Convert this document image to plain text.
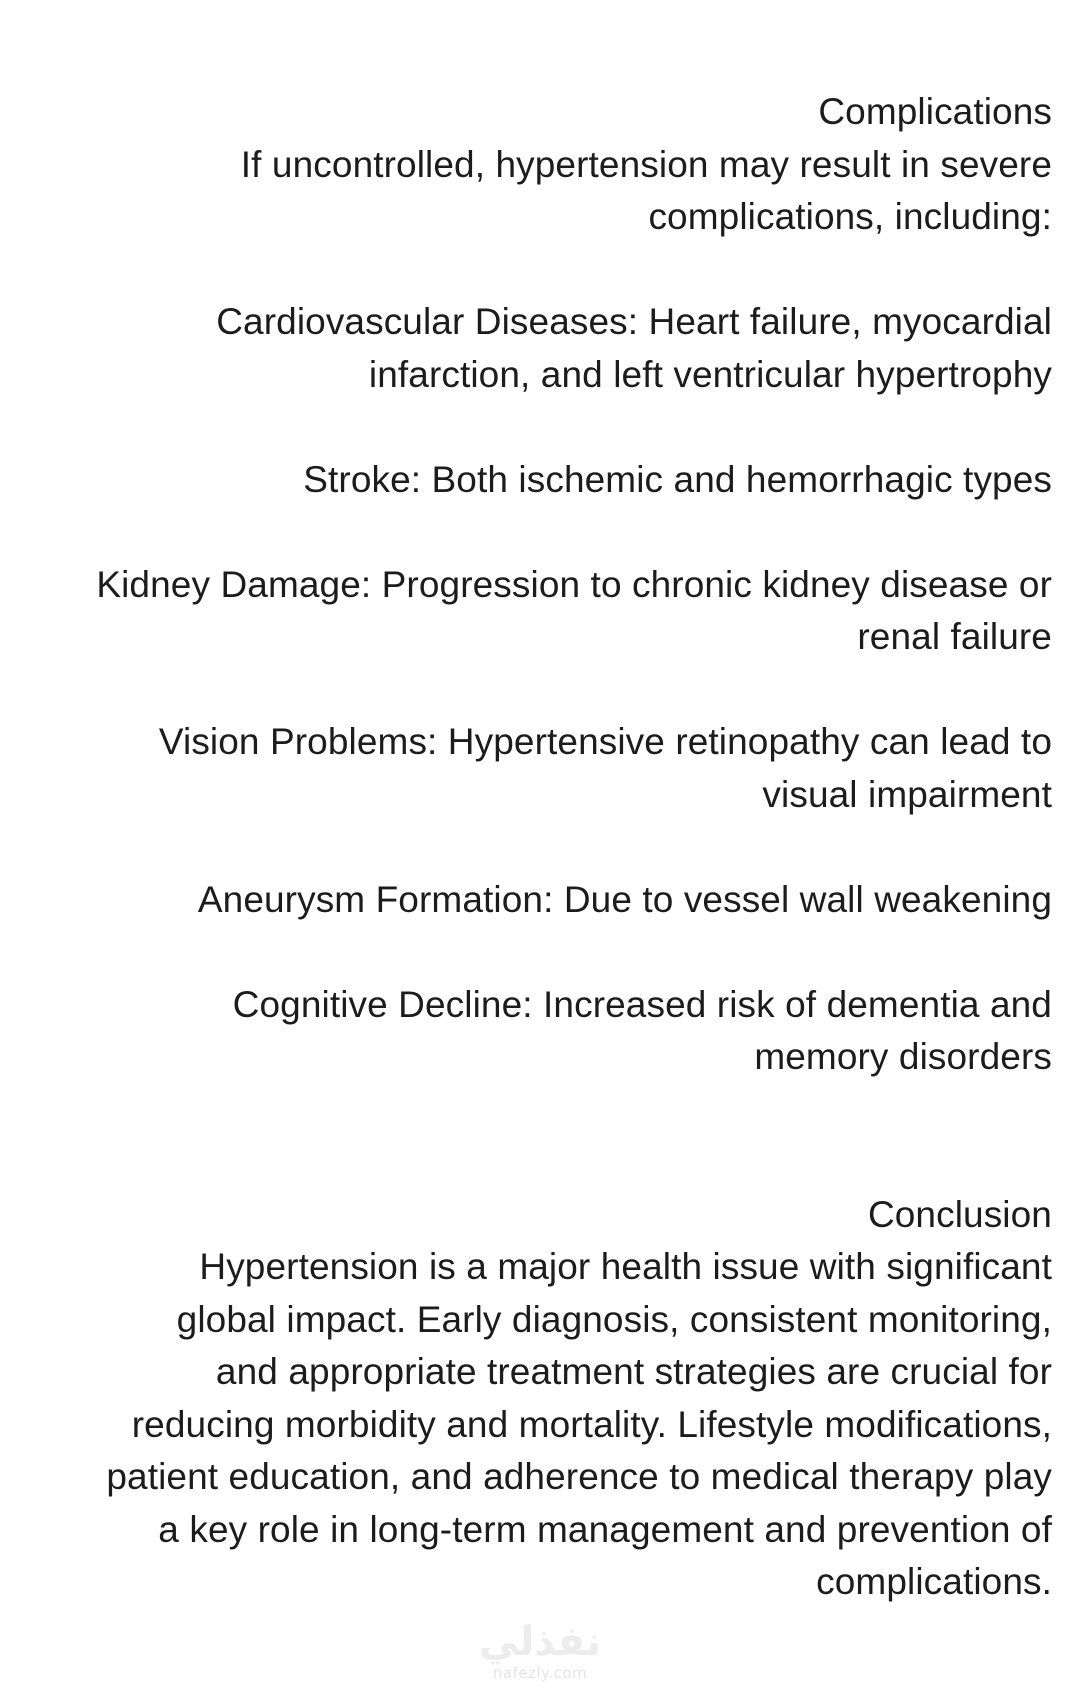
Complications
If uncontrolled, hypertension may result in severe
complications, including:
Cardiovascular Diseases: Heart failure, myocardial
infarction, and left ventricular hypertrophy
Stroke: Both ischemic and hemorrhagic types
Kidney Damage: Progression to chronic kidney disease or
renal failure
Vision Problems: Hypertensive retinopathy can lead to
visual impairment
Aneurysm Formation: Due to vessel wall weakening
Cognitive Decline: Increased risk of dementia and
memory disorders
Conclusion
Hypertension is a major health issue with significant
global impact. Early diagnosis, consistent monitoring,
and appropriate treatment strategies are crucial for
reducing morbidity and mortality. Lifestyle modifications,
patient education, and adherence to medical therapy play
a key role in long-term management and prevention of
complications.
نفذلي
nafezly.com
